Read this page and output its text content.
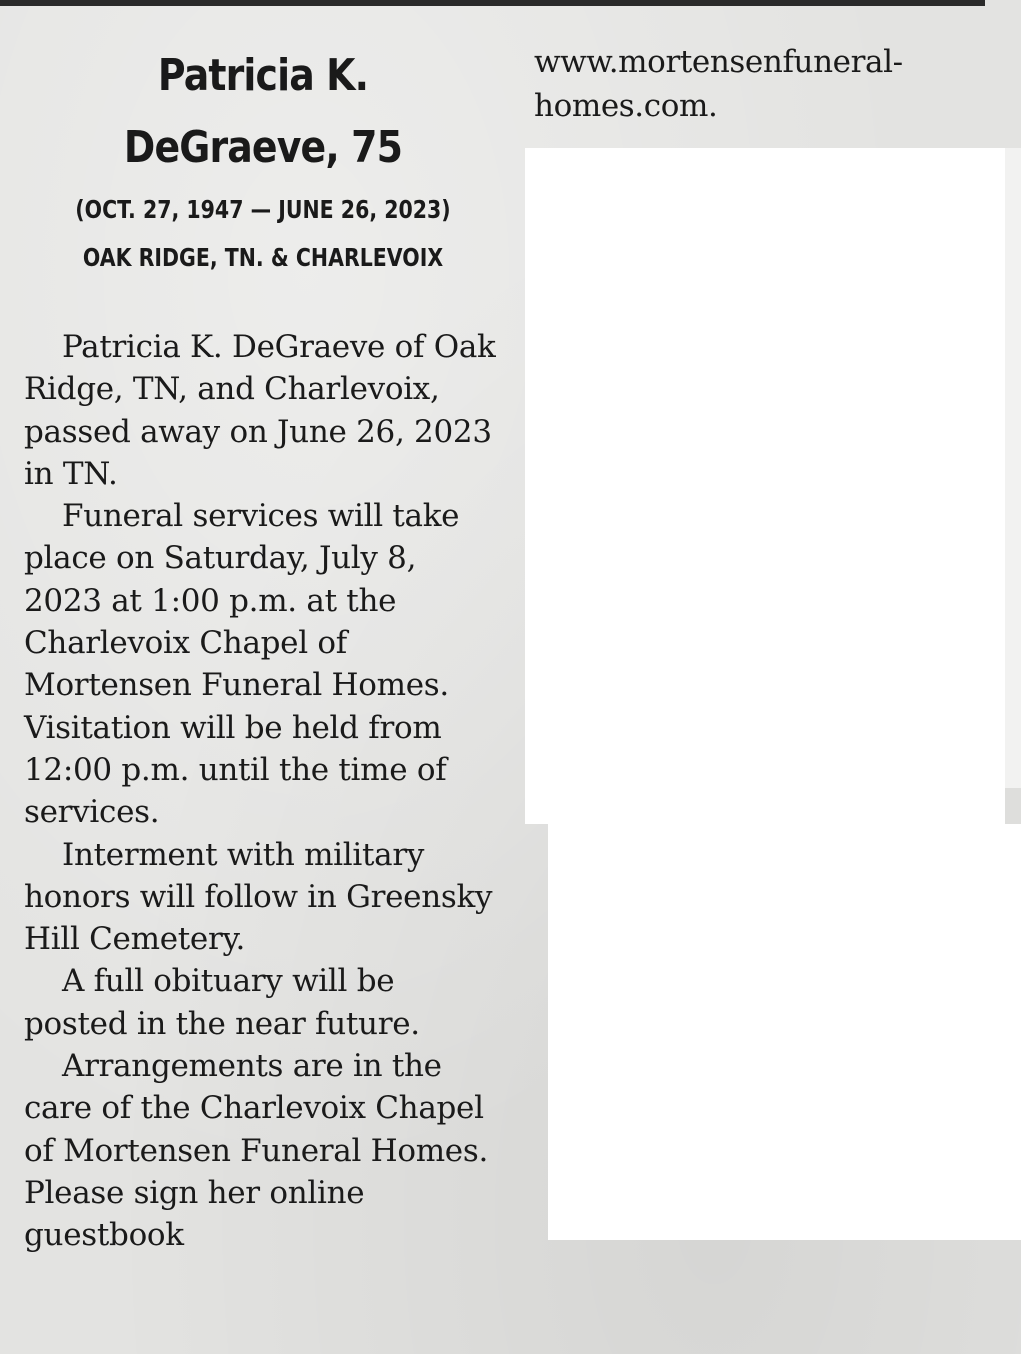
Patricia K.
DeGraeve, 75

(OCT. 27, 1947 — JUNE 26, 2023)

OAK RIDGE, TN. & CHARLEVOIX

Patricia K. DeGraeve of Oak Ridge, TN, and Charlevoix, passed away on June 26, 2023 in TN.

Funeral services will take place on Saturday, July 8, 2023 at 1:00 p.m. at the Charlevoix Chapel of Mortensen Funeral Homes. Visitation will be held from 12:00 p.m. until the time of services.

Interment with military honors will follow in Greensky Hill Cemetery.

A full obituary will be posted in the near future.

Arrangements are in the care of the Charlevoix Chapel of Mortensen Funeral Homes. Please sign her online guestbook

www.mortensenfuneral-homes.com.
